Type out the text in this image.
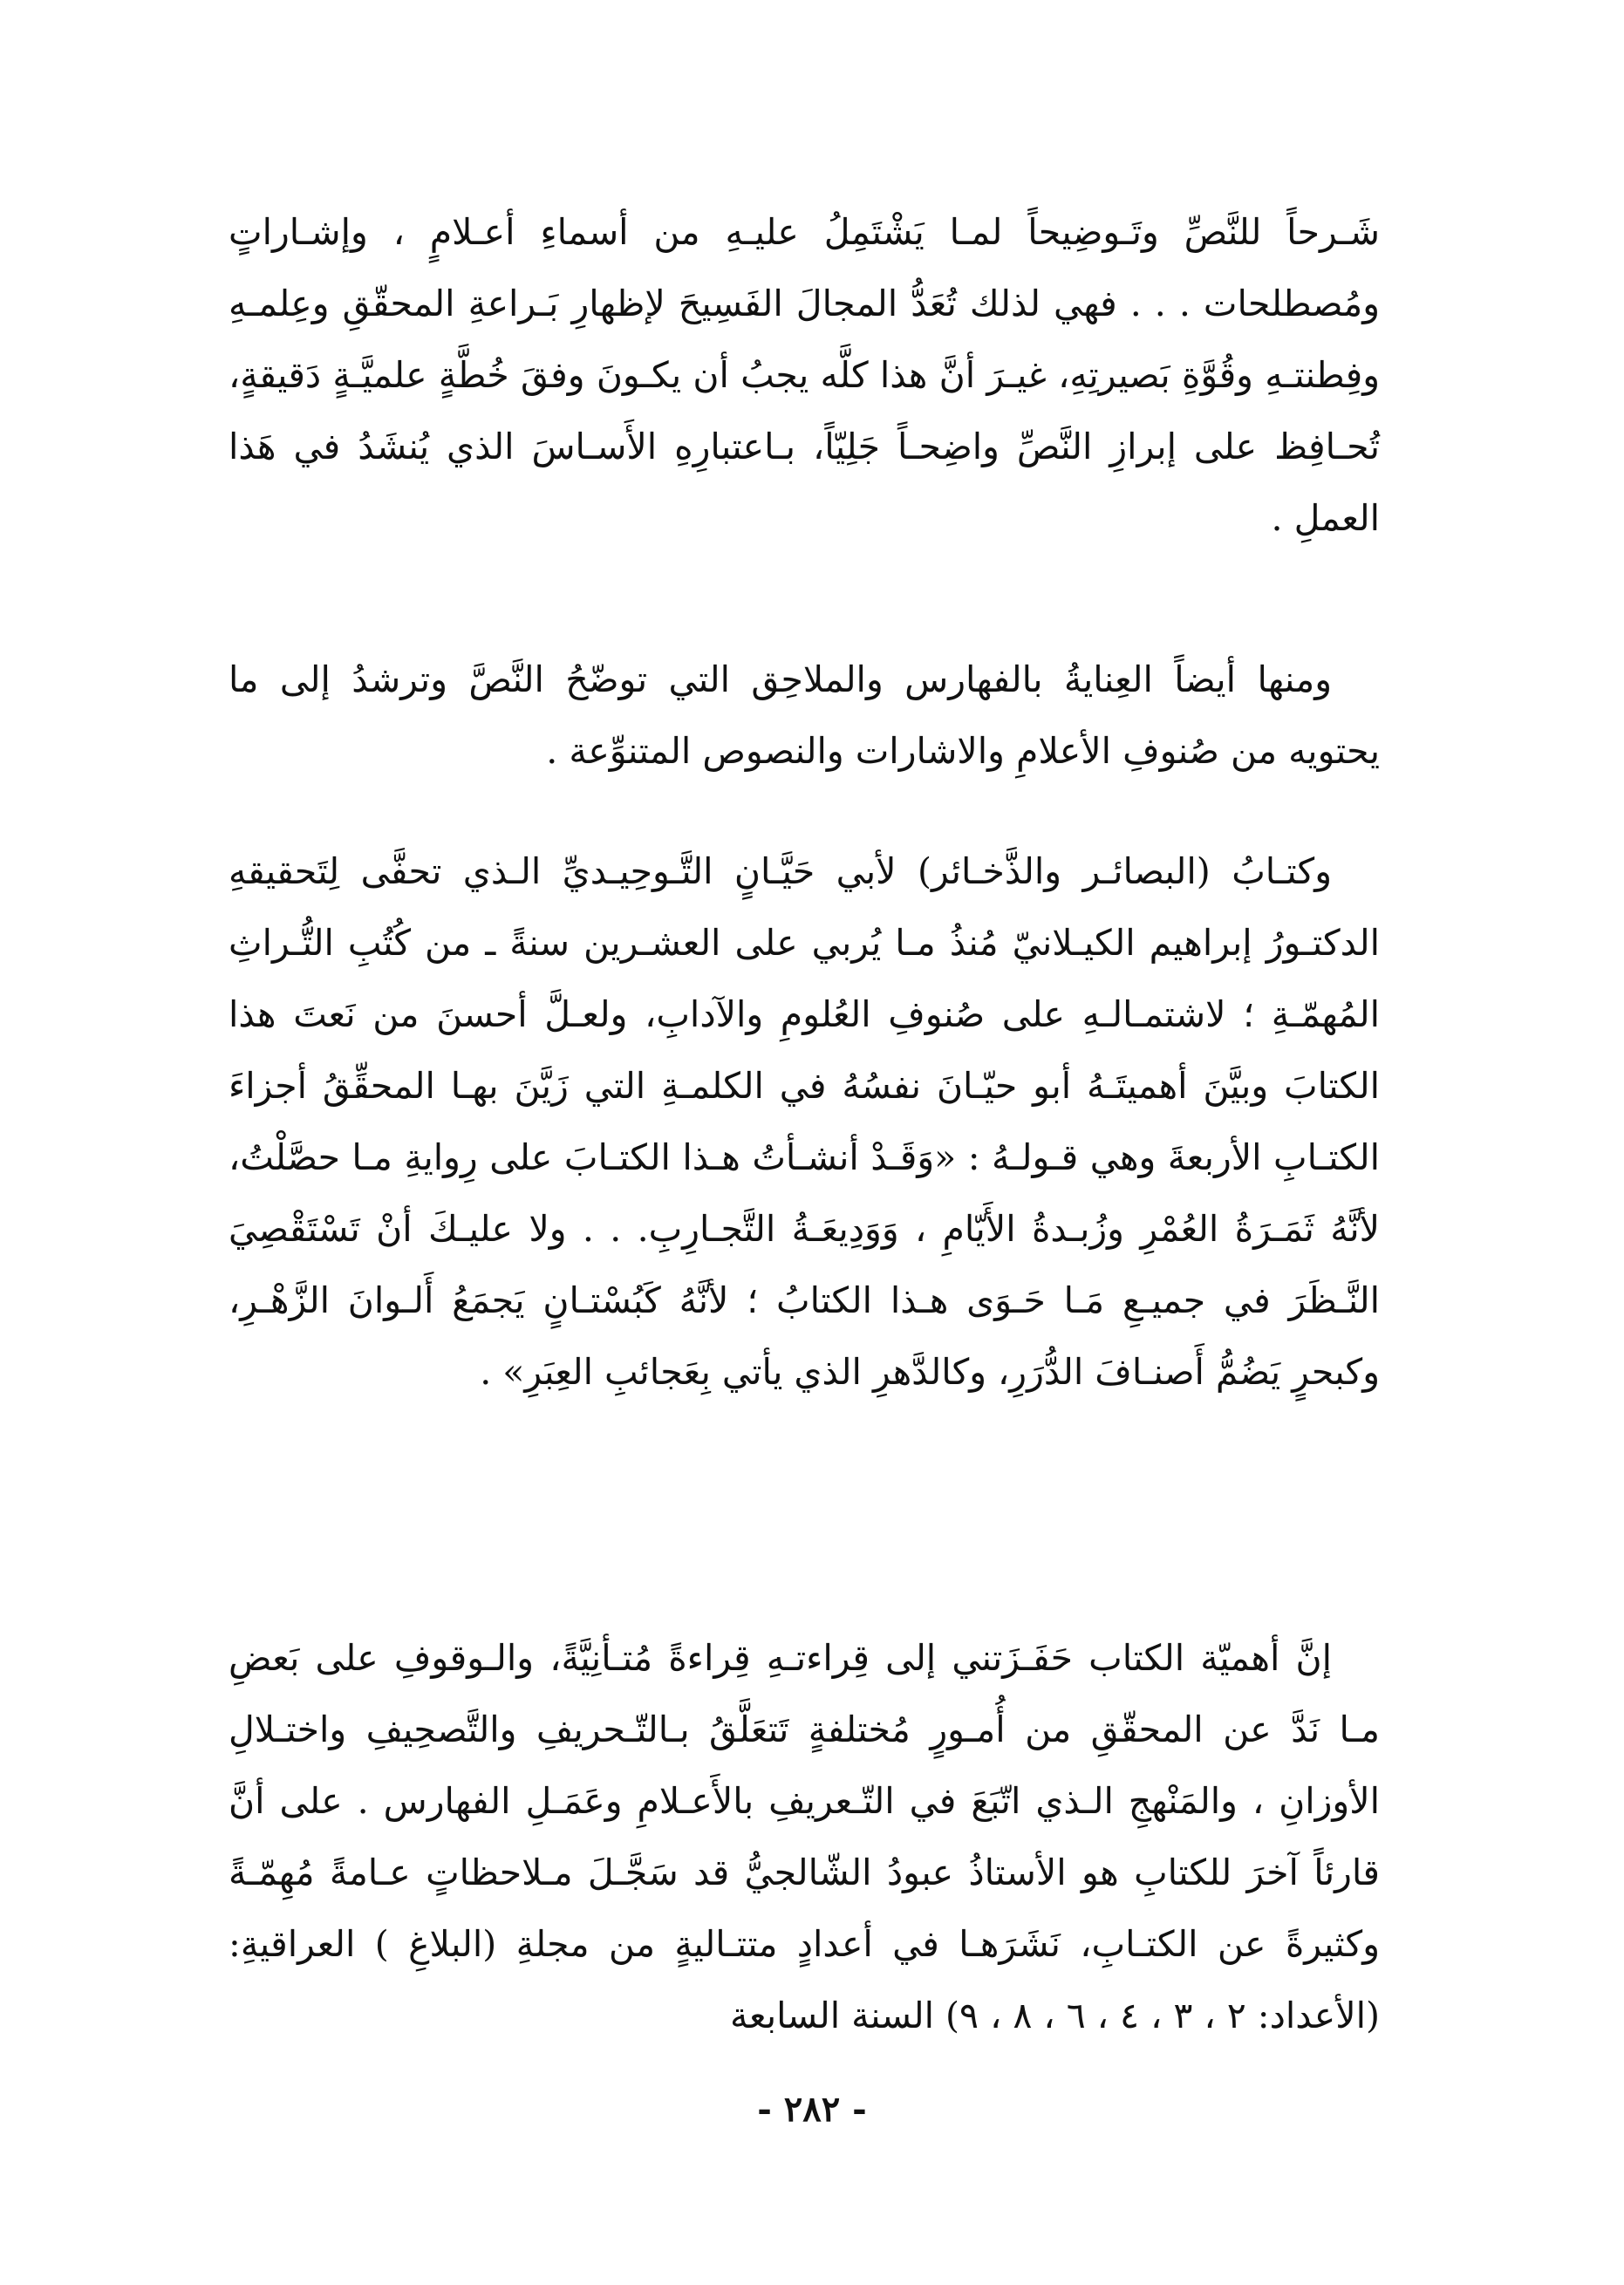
شَـرحاً للنَّصِّ وتَـوضِيحاً لمـا يَشْتَمِلُ عليـهِ من أسماءِ أعـلامٍ ، وإشـاراتٍ ومُصطلحات . . . فهي لذلك تُعَدُّ المجالَ الفَسِيحَ لإظهارِ بَـراعةِ المحقّقِ وعِلمـهِ وفِطنتـهِ وقُوَّةِ بَصيرتِهِ، غيـرَ أنَّ هذا كلَّه يجبُ أن يكـونَ وفقَ خُطَّةٍ علميَّـةٍ دَقيقةٍ، تُحـافِظ على إبرازِ النَّصِّ واضِحـاً جَلِيّاً، بـاعتبارِهِ الأَسـاسَ الذي يُنشَدُ في هَذا العملِ .

ومنها أيضاً العِنايةُ بالفهارس والملاحِق التي توضّحُ النَّصَّ وترشدُ إلى ما يحتويه من صُنوفِ الأعلامِ والاشارات والنصوص المتنوِّعة .

وكتـابُ (البصائـر والذَّخـائر) لأبي حَيَّـانٍ التَّـوحِيـديِّ الـذي تحفَّى لِتَحقيقهِ الدكتـورُ إبراهيم الكيـلانيّ مُنذُ مـا يُربي على العشـرين سنةً ـ من كُتُبِ التُّـراثِ المُهمّـةِ ؛ لاشتمـالـهِ على صُنوفِ العُلومِ والآدابِ، ولعـلَّ أحسنَ من نَعتَ هذا الكتابَ وبيَّنَ أهميتَـهُ أبو حيّـانَ نفسُهُ في الكلمـةِ التي زَيَّنَ بهـا المحقِّقُ أجزاءَ الكتـابِ الأربعةَ وهي قـولـهُ : «وَقَـدْ أنشـأتُ هـذا الكتـابَ على رِوايةِ مـا حصَّلْتُ، لأنَّهُ ثَمَـرَةُ العُمْرِ وزُبـدةُ الأَيّامِ ، وَوَدِيعَـةُ التَّجـارِبِ. . . ولا عليـكَ أنْ تَسْتَقْصِيَ النَّـظَرَ في جميـعِ مَـا حَـوَى هـذا الكتابُ ؛ لأنَّهُ كَبُسْتـانٍ يَجمَعُ أَلـوانَ الزَّهْـرِ، وكبحرٍ يَضُمُّ أَصنـافَ الدُّرَرِ، وكالدَّهرِ الذي يأتي بِعَجائبِ العِبَرِ» .

إنَّ أهميّة الكتاب حَفَـزَتني إلى قِراءتـهِ قِراءةً مُتـأنِيَّةً، والـوقوفِ على بَعضِ مـا نَدَّ عن المحقّقِ من أُمـورٍ مُختلفةٍ تَتعَلَّقُ بـالتّـحريفِ والتَّصحِيفِ واختـلالِ الأوزانِ ، والمَنْهجِ الـذي اتّبَعَ في التّـعريفِ بالأَعـلامِ وعَمَـلِ الفهارس . على أنَّ قارئاً آخرَ للكتابِ هو الأستاذُ عبودُ الشّالجيُّ قد سَجَّـلَ مـلاحظاتٍ عـامةً مُهِمّـةً وكثيرةً عن الكتـابِ، نَشَرَهـا في أعدادٍ متتـاليةٍ من مجلةِ (البلاغِ ) العراقيةِ: (الأعداد: ٢ ، ٣ ، ٤ ، ٦ ، ٨ ، ٩) السنة السابعة

- ٢٨٢ -
